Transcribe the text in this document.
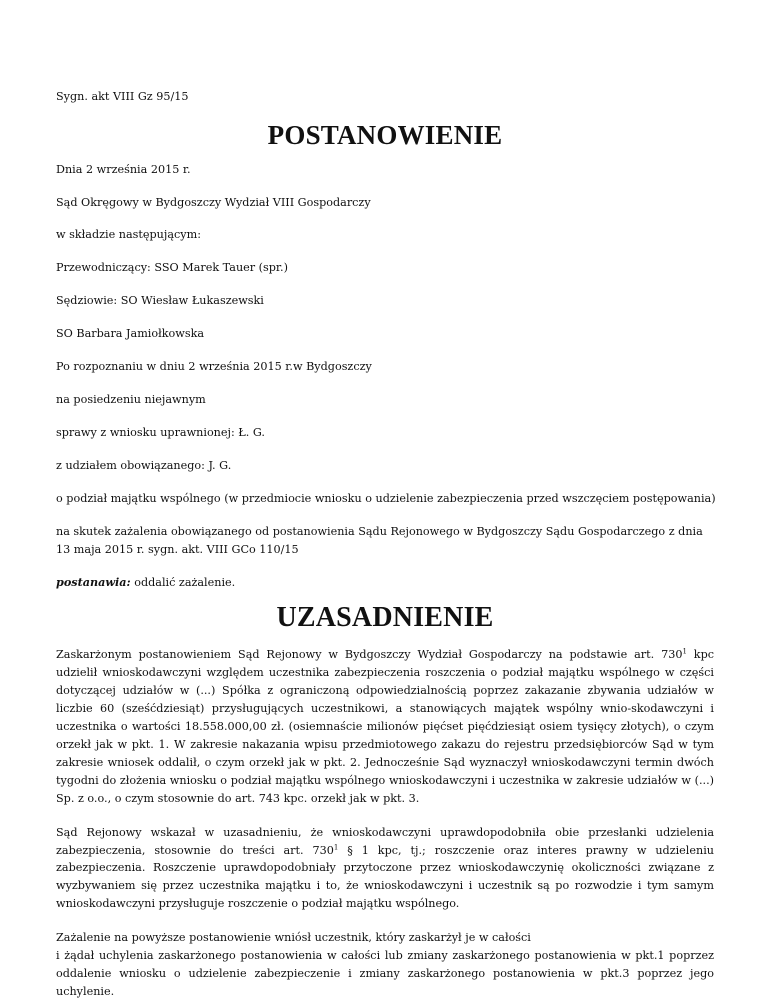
Sygn. akt VIII Gz 95/15
POSTANOWIENIE
Dnia 2 września 2015 r.
Sąd Okręgowy w Bydgoszczy Wydział VIII Gospodarczy
w składzie następującym:
Przewodniczący: SSO Marek Tauer (spr.)
Sędziowie: SO Wiesław Łukaszewski
SO Barbara Jamiołkowska
Po rozpoznaniu w dniu 2 września 2015 r.w Bydgoszczy
na posiedzeniu niejawnym
sprawy z wniosku uprawnionej: Ł. G.
z udziałem obowiązanego: J. G.
o podział majątku wspólnego (w przedmiocie wniosku o udzielenie zabezpieczenia przed wszczęciem postępowania)
na skutek zażalenia obowiązanego od postanowienia Sądu Rejonowego w Bydgoszczy Sądu Gospodarczego z dnia 13 maja 2015 r. sygn. akt. VIII GCo 110/15
postanawia: oddalić zażalenie.
UZASADNIENIE

Zaskarżonym postanowieniem Sąd Rejonowy w Bydgoszczy Wydział Gospodarczy na podstawie art. $730^1$ kpc udzielił wnioskodawczyni względem uczestnika zabezpieczenia roszczenia o podział majątku wspólnego w części dotyczącej udziałów w (...) Spółka z ograniczoną odpowiedzialnością poprzez zakazanie zbywania udziałów w liczbie 60 (sześćdziesiąt) przysługujących uczestnikowi, a stanowiących majątek wspólny wnio-skodawczyni i uczestnika o wartości 18.558.000,00 zł. (osiemnaście milionów pięćset pięćdziesiąt osiem tysięcy złotych), o czym orzekł jak w pkt. 1. W zakresie nakazania wpisu przedmiotowego zakazu do rejestru przedsiębiorców Sąd w tym zakresie wniosek oddalił, o czym orzekł jak w pkt. 2. Jednocześnie Sąd wyznaczył wnioskodawczyni termin dwóch tygodni do złożenia wniosku o podział majątku wspólnego wnioskodawczyni i uczestnika w zakresie udziałów w (...) Sp. z o.o., o czym stosownie do art. 743 kpc. orzekł jak w pkt. 3.

Sąd Rejonowy wskazał w uzasadnieniu, że wnioskodawczyni uprawdopodobniła obie przesłanki udzielenia zabezpieczenia, stosownie do treści art. $730^1$ § 1 kpc, tj.; roszczenie oraz interes prawny w udzieleniu zabezpieczenia. Roszczenie uprawdopodobniały przytoczone przez wnioskodawczynię okoliczności związane z wyzbywaniem się przez uczestnika majątku i to, że wnioskodawczyni i uczestnik są po rozwodzie i tym samym wnioskodawczyni przysługuje roszczenie o podział majątku wspólnego.

Zażalenie na powyższe postanowienie wniósł uczestnik, który zaskarżył je w całości
i żądał uchylenia zaskarżonego postanowienia w całości lub zmiany zaskarżonego postanowienia w pkt.1 poprzez oddalenie wniosku o udzielenie zabezpieczenie i zmiany zaskarżonego postanowienia w pkt.3 poprzez jego uchylenie.
